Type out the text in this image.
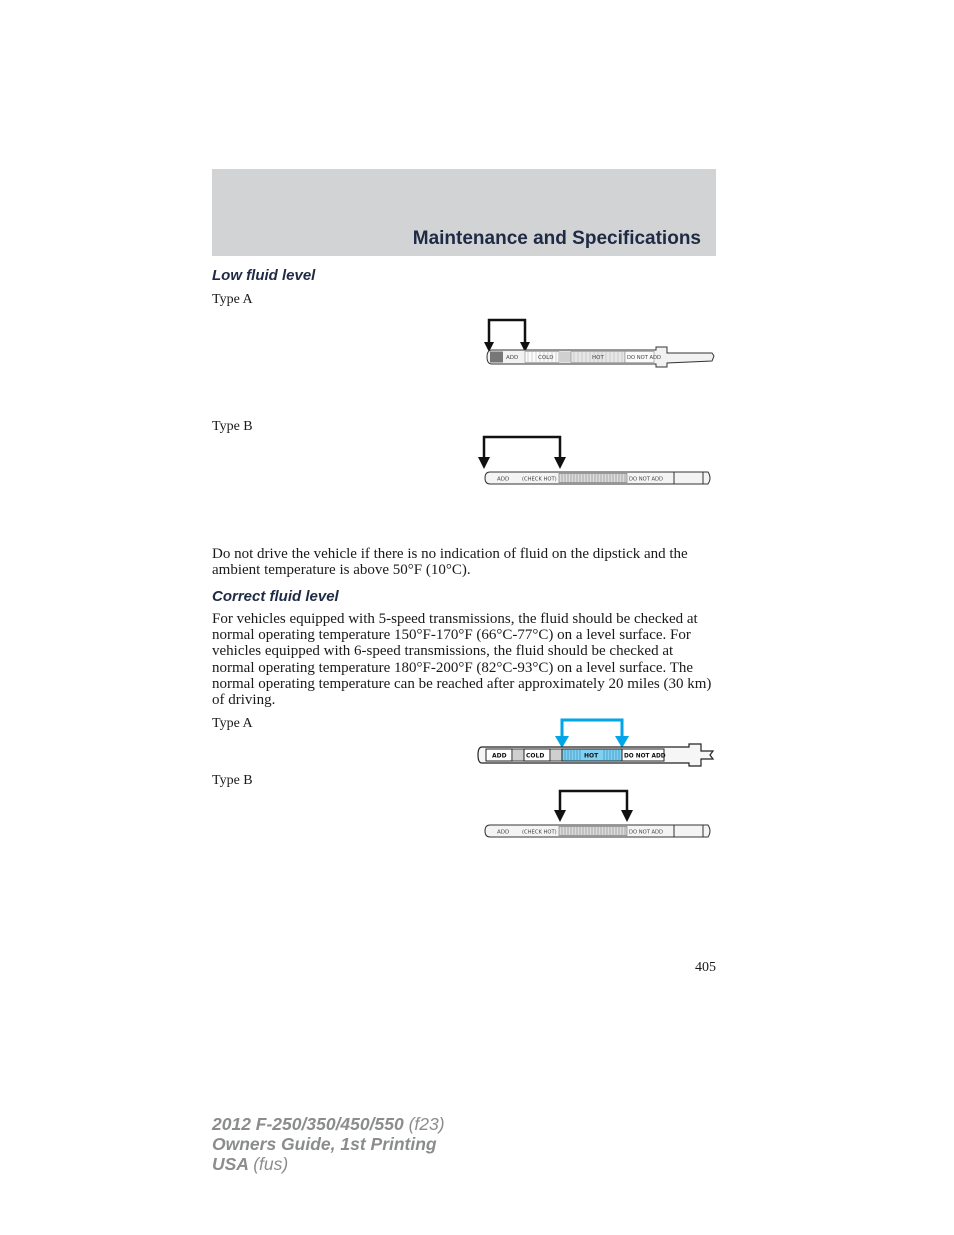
Maintenance and Specifications
Low fluid level
Type A
ADD	COLD	HOT	DO NOT ADD
Type B
ADD (CHECK HOT)	DO NOT ADD
Do not drive the vehicle if there is no indication of fluid on the dipstick and the ambient temperature is above 50°F (10°C).
Correct fluid level
For vehicles equipped with 5-speed transmissions, the fluid should be checked at normal operating temperature 150°F-170°F (66°C-77°C) on a level surface. For vehicles equipped with 6-speed transmissions, the fluid should be checked at normal operating temperature 180°F-200°F (82°C-93°C) on a level surface. The normal operating temperature can be reached after approximately 20 miles (30 km) of driving.
Type A
ADD	COLD	HOT	DO NOT ADD
Type B
ADD (CHECK HOT)	DO NOT ADD
405
2012 F-250/350/450/550 (f23)
Owners Guide, 1st Printing
USA (fus)
